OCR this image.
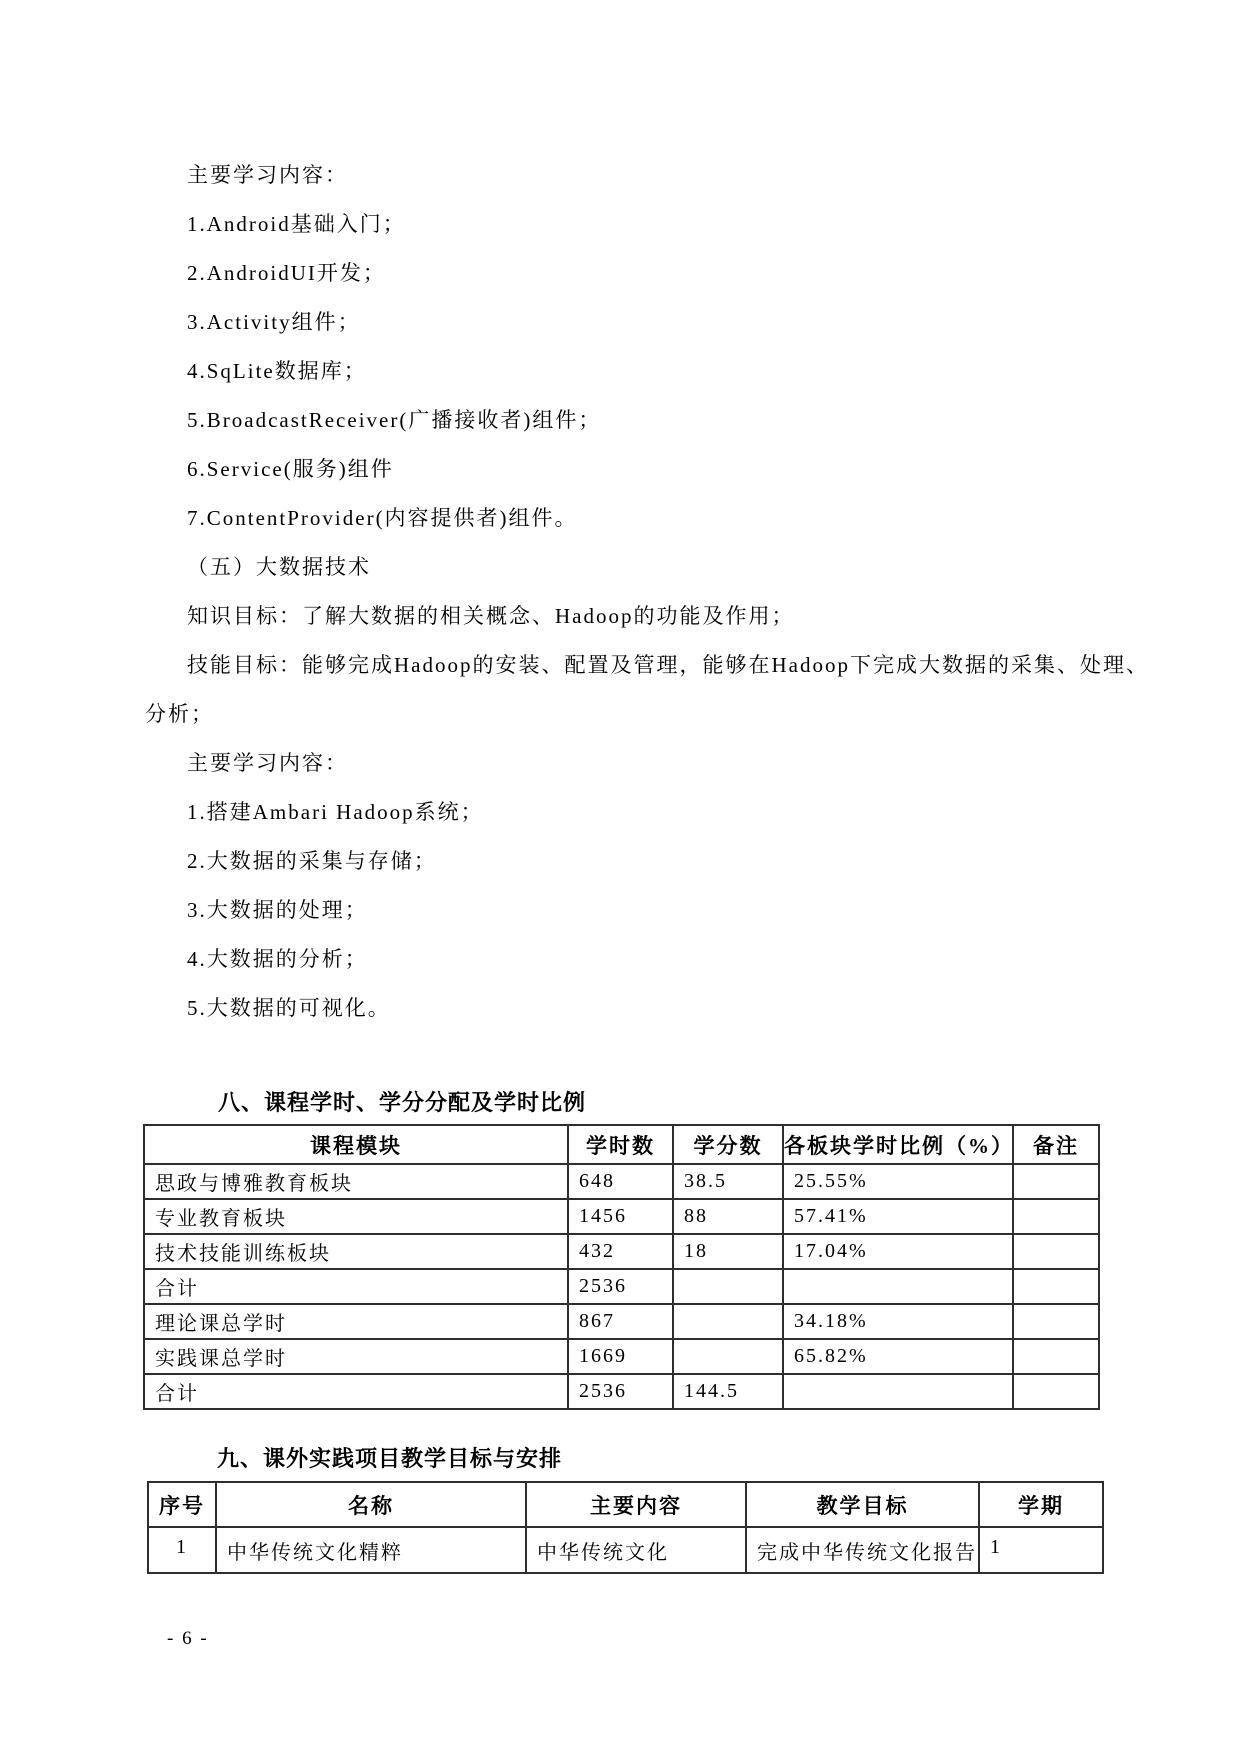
主要学习内容：
1.Android基础入门；
2.AndroidUI开发；
3.Activity组件；
4.SqLite数据库；
5.BroadcastReceiver(广播接收者)组件；
6.Service(服务)组件
7.ContentProvider(内容提供者)组件。
（五）大数据技术
知识目标：了解大数据的相关概念、Hadoop的功能及作用；
技能目标：能够完成Hadoop的安装、配置及管理，能够在Hadoop下完成大数据的采集、处理、
分析；
主要学习内容：
1.搭建Ambari Hadoop系统；
2.大数据的采集与存储；
3.大数据的处理；
4.大数据的分析；
5.大数据的可视化。
八、课程学时、学分分配及学时比例
课程模块	学时数	学分数	各板块学时比例（%）	备注
思政与博雅教育板块	648	38.5	25.55%	
专业教育板块	1456	88	57.41%	
技术技能训练板块	432	18	17.04%	
合计	2536			
理论课总学时	867		34.18%	
实践课总学时	1669		65.82%	
合计	2536	144.5		
九、课外实践项目教学目标与安排
序号	名称	主要内容	教学目标	学期
1	中华传统文化精粹	中华传统文化	完成中华传统文化报告	1
- 6 -
